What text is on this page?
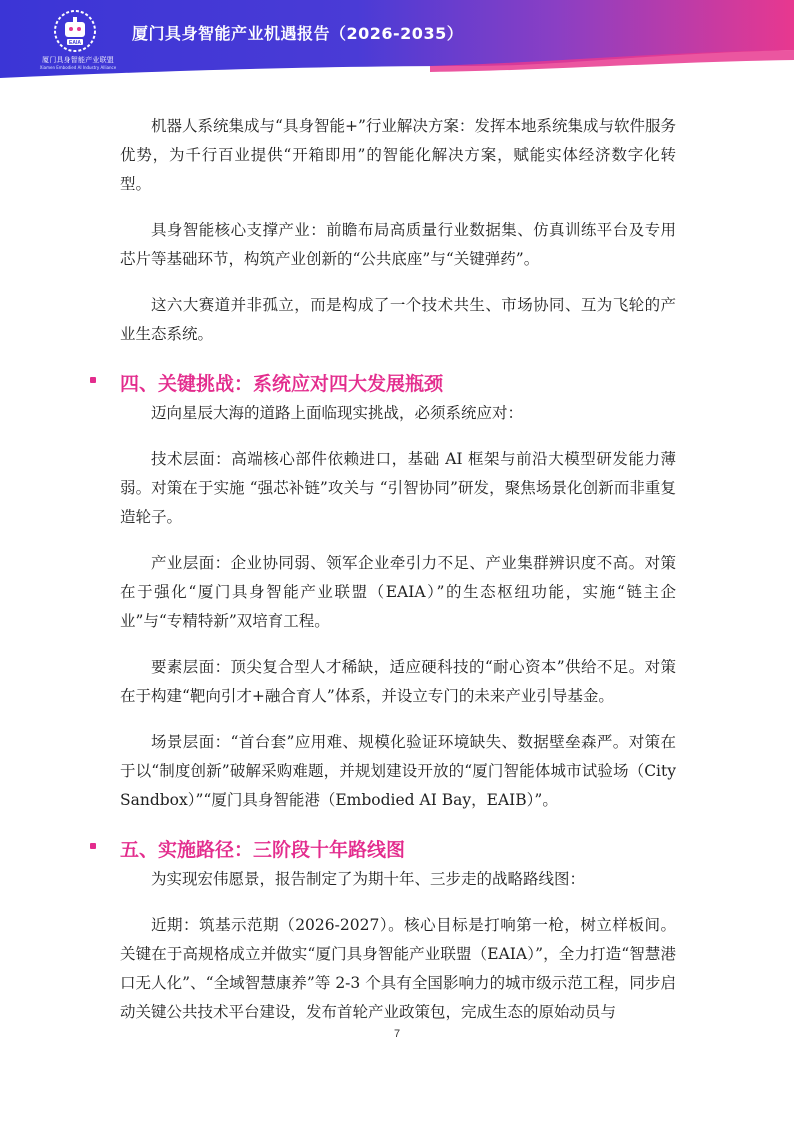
EAIA
厦门具身智能产业联盟
Xiamen Embodied AI Industry Alliance
厦门具身智能产业机遇报告（2026-2035）

机器人系统集成与“具身智能+”行业解决方案：发挥本地系统集成与软件服务优势，为千行百业提供“开箱即用”的智能化解决方案，赋能实体经济数字化转型。

具身智能核心支撑产业：前瞻布局高质量行业数据集、仿真训练平台及专用芯片等基础环节，构筑产业创新的“公共底座”与“关键弹药”。

这六大赛道并非孤立，而是构成了一个技术共生、市场协同、互为飞轮的产业生态系统。

四、关键挑战：系统应对四大发展瓶颈

迈向星辰大海的道路上面临现实挑战，必须系统应对：

技术层面：高端核心部件依赖进口，基础 AI 框架与前沿大模型研发能力薄弱。对策在于实施 “强芯补链”攻关与 “引智协同”研发，聚焦场景化创新而非重复造轮子。

产业层面：企业协同弱、领军企业牵引力不足、产业集群辨识度不高。对策在于强化“厦门具身智能产业联盟（EAIA）”的生态枢纽功能，实施“链主企业”与“专精特新”双培育工程。

要素层面：顶尖复合型人才稀缺，适应硬科技的“耐心资本”供给不足。对策在于构建“靶向引才+融合育人”体系，并设立专门的未来产业引导基金。

场景层面：“首台套”应用难、规模化验证环境缺失、数据壁垒森严。对策在于以“制度创新”破解采购难题，并规划建设开放的“厦门智能体城市试验场（City Sandbox）”“厦门具身智能港（Embodied AI Bay，EAIB）”。

五、实施路径：三阶段十年路线图

为实现宏伟愿景，报告制定了为期十年、三步走的战略路线图：

近期：筑基示范期（2026-2027）。核心目标是打响第一枪，树立样板间。关键在于高规格成立并做实“厦门具身智能产业联盟（EAIA）”，全力打造“智慧港口无人化”、“全域智慧康养”等 2-3 个具有全国影响力的城市级示范工程，同步启动关键公共技术平台建设，发布首轮产业政策包，完成生态的原始动员与

7
